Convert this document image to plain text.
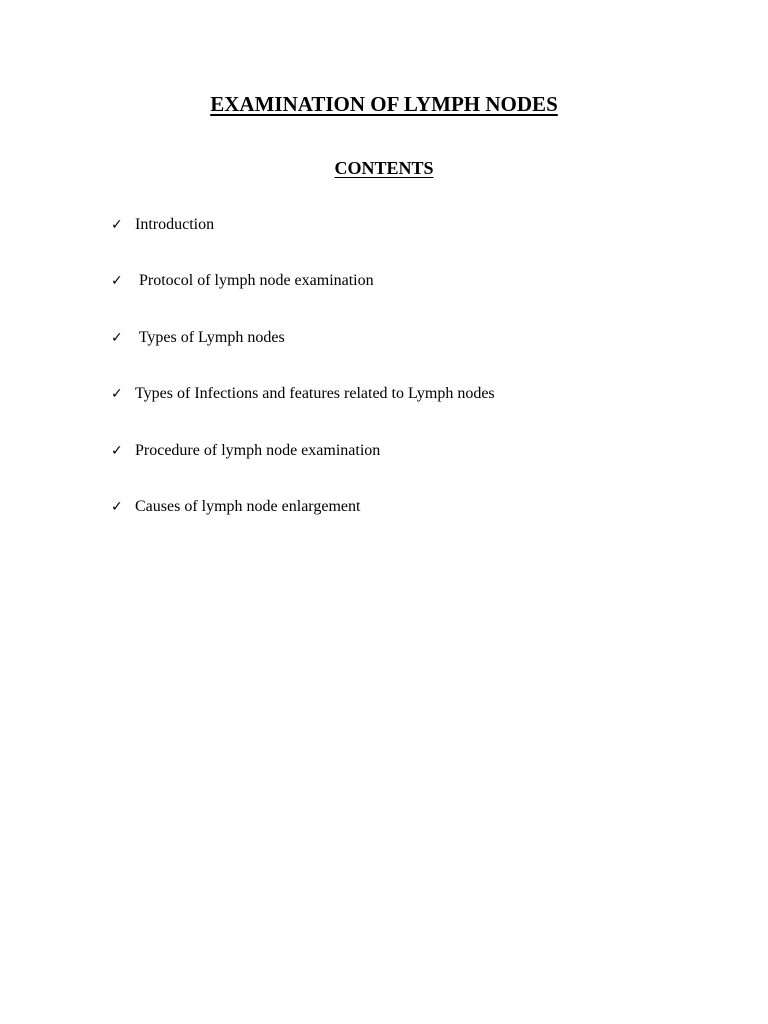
EXAMINATION OF LYMPH NODES
CONTENTS
✓ Introduction
✓ Protocol of lymph node examination
✓ Types of Lymph nodes
✓ Types of Infections and features related to Lymph nodes
✓ Procedure of lymph node examination
✓ Causes of lymph node enlargement
